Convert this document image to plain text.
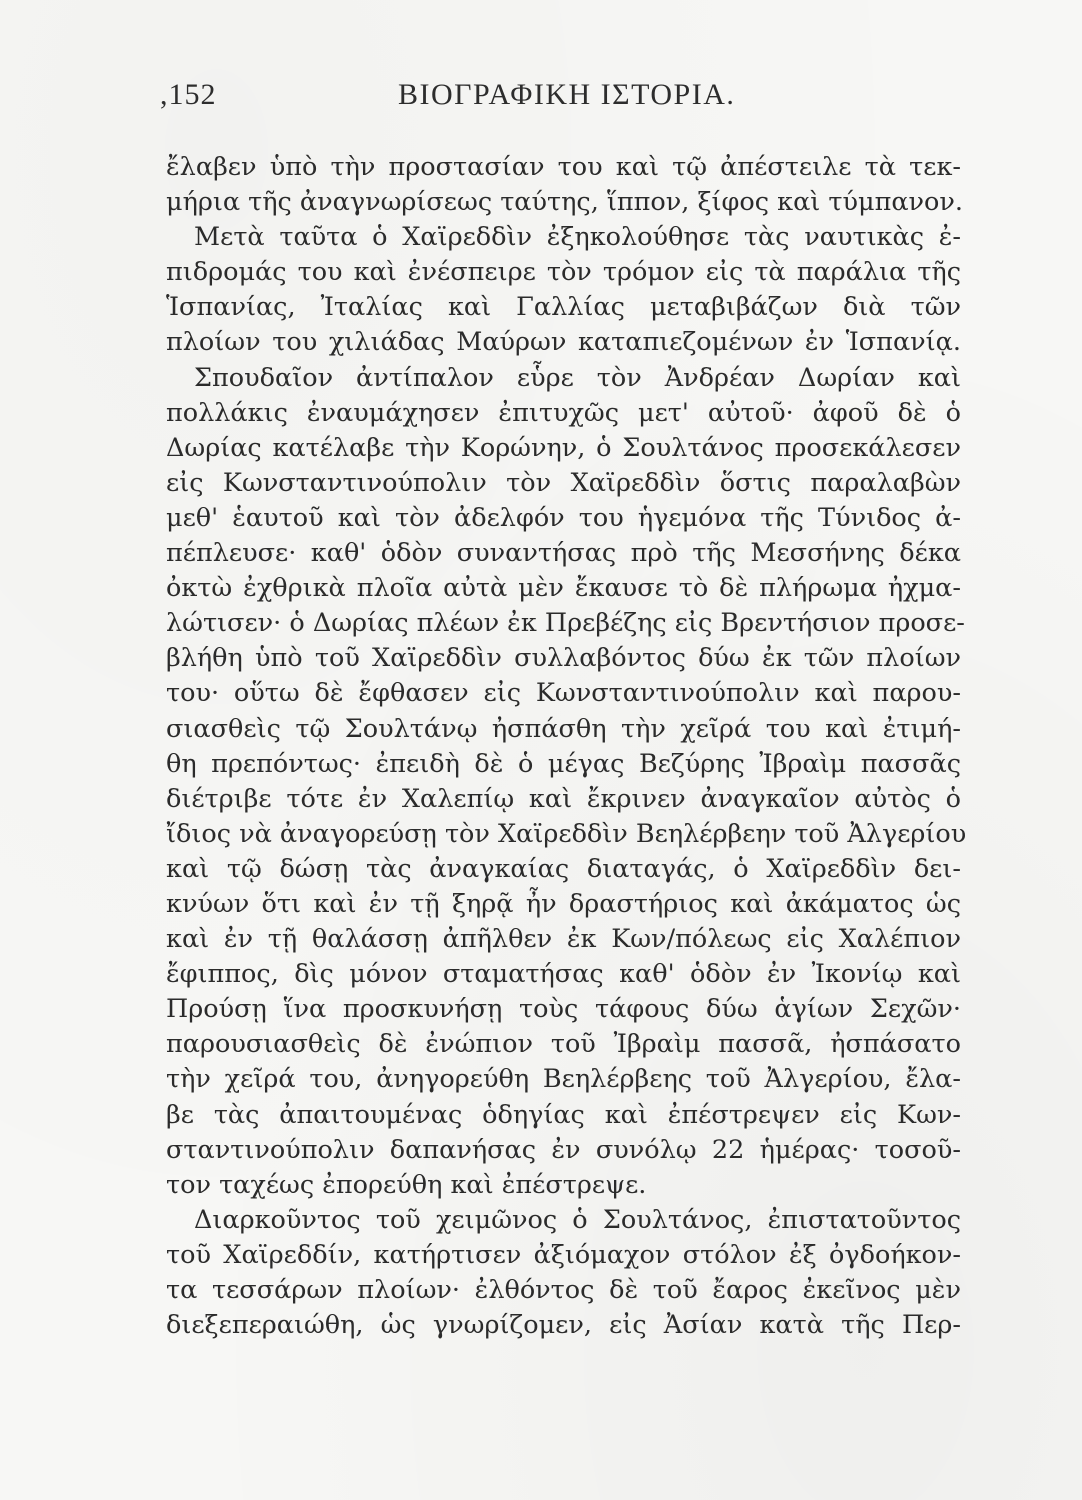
,152	ΒΙΟΓΡΑΦΙΚΗ ΙΣΤΟΡΙΑ.
ἔλαβεν ὑπὸ τὴν προστασίαν του καὶ τῷ ἀπέστειλε τὰ τεκ-
μήρια τῆς ἀναγνωρίσεως ταύτης, ἵππον, ξίφος καὶ τύμπανον.
Μετὰ ταῦτα ὁ Χαϊρεδδὶν ἐξηκολούθησε τὰς ναυτικὰς ἐ-
πιδρομάς του καὶ ἐνέσπειρε τὸν τρόμον εἰς τὰ παράλια τῆς
Ἱσπανίας, Ἰταλίας καὶ Γαλλίας μεταβιβάζων διὰ τῶν
πλοίων του χιλιάδας Μαύρων καταπιεζομένων ἐν Ἱσπανίᾳ.
Σπουδαῖον ἀντίπαλον εὗρε τὸν Ἀνδρέαν Δωρίαν καὶ
πολλάκις ἐναυμάχησεν ἐπιτυχῶς μετ' αὐτοῦ· ἀφοῦ δὲ ὁ
Δωρίας κατέλαβε τὴν Κορώνην, ὁ Σουλτάνος προσεκάλεσεν
εἰς Κωνσταντινούπολιν τὸν Χαϊρεδδὶν ὅστις παραλαβὼν
μεθ' ἑαυτοῦ καὶ τὸν ἀδελφόν του ἡγεμόνα τῆς Τύνιδος ἀ-
πέπλευσε· καθ' ὁδὸν συναντήσας πρὸ τῆς Μεσσήνης δέκα
ὀκτὼ ἐχθρικὰ πλοῖα αὐτὰ μὲν ἔκαυσε τὸ δὲ πλήρωμα ἠχμα-
λώτισεν· ὁ Δωρίας πλέων ἐκ Πρεβέζης εἰς Βρεντήσιον προσε-
βλήθη ὑπὸ τοῦ Χαϊρεδδὶν συλλαβόντος δύω ἐκ τῶν πλοίων
του· οὕτω δὲ ἔφθασεν εἰς Κωνσταντινούπολιν καὶ παρου-
σιασθεὶς τῷ Σουλτάνῳ ἠσπάσθη τὴν χεῖρά του καὶ ἐτιμή-
θη πρεπόντως· ἐπειδὴ δὲ ὁ μέγας Βεζύρης Ἰβραὶμ πασσᾶς
διέτριβε τότε ἐν Χαλεπίῳ καὶ ἔκρινεν ἀναγκαῖον αὐτὸς ὁ
ἴδιος νὰ ἀναγορεύσῃ τὸν Χαϊρεδδὶν Βεηλέρβεην τοῦ Ἀλγερίου
καὶ τῷ δώσῃ τὰς ἀναγκαίας διαταγάς, ὁ Χαϊρεδδὶν δει-
κνύων ὅτι καὶ ἐν τῇ ξηρᾷ ἦν δραστήριος καὶ ἀκάματος ὡς
καὶ ἐν τῇ θαλάσσῃ ἀπῆλθεν ἐκ Κων/πόλεως εἰς Χαλέπιον
ἔφιππος, δὶς μόνον σταματήσας καθ' ὁδὸν ἐν Ἰκονίῳ καὶ
Προύσῃ ἵνα προσκυνήσῃ τοὺς τάφους δύω ἁγίων Σεχῶν·
παρουσιασθεὶς δὲ ἐνώπιον τοῦ Ἰβραὶμ πασσᾶ, ἠσπάσατο
τὴν χεῖρά του, ἀνηγορεύθη Βεηλέρβεης τοῦ Ἀλγερίου, ἔλα-
βε τὰς ἀπαιτουμένας ὁδηγίας καὶ ἐπέστρεψεν εἰς Κων-
σταντινούπολιν δαπανήσας ἐν συνόλῳ 22 ἡμέρας· τοσοῦ-
τον ταχέως ἐπορεύθη καὶ ἐπέστρεψε.
Διαρκοῦντος τοῦ χειμῶνος ὁ Σουλτάνος, ἐπιστατοῦντος
τοῦ Χαϊρεδδίν, κατήρτισεν ἀξιόμαχον στόλον ἐξ ὀγδοήκον-
τα τεσσάρων πλοίων· ἐλθόντος δὲ τοῦ ἔαρος ἐκεῖνος μὲν
διεξεπεραιώθη, ὡς γνωρίζομεν, εἰς Ἀσίαν κατὰ τῆς Περ-
